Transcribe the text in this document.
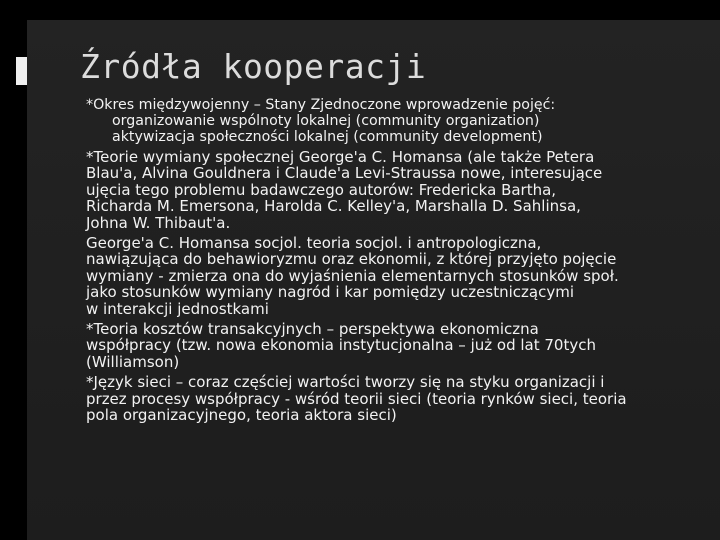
Źródła kooperacji

*Okres międzywojenny – Stany Zjednoczone wprowadzenie pojęć:
organizowanie wspólnoty lokalnej (community organization)
aktywizacja społeczności lokalnej (community development)

*Teorie wymiany społecznej George'a C. Homansa (ale także Petera
Blau'a, Alvina Gouldnera i Claude'a Levi-Straussa nowe, interesujące
ujęcia tego problemu badawczego autorów: Fredericka Bartha,
Richarda M. Emersona, Harolda C. Kelley'a, Marshalla D. Sahlinsa,
Johna W. Thibaut'a.

George'a C. Homansa socjol. teoria socjol. i antropologiczna,
nawiązująca do behawioryzmu oraz ekonomii, z której przyjęto pojęcie
wymiany - zmierza ona do wyjaśnienia elementarnych stosunków społ.
jako stosunków wymiany nagród i kar pomiędzy uczestniczącymi
w interakcji jednostkami

*Teoria kosztów transakcyjnych – perspektywa ekonomiczna
współpracy (tzw. nowa ekonomia instytucjonalna – już od lat 70tych
(Williamson)

*Język sieci – coraz częściej wartości tworzy się na styku organizacji i
przez procesy współpracy - wśród teorii sieci (teoria rynków sieci, teoria
pola organizacyjnego, teoria aktora sieci)
